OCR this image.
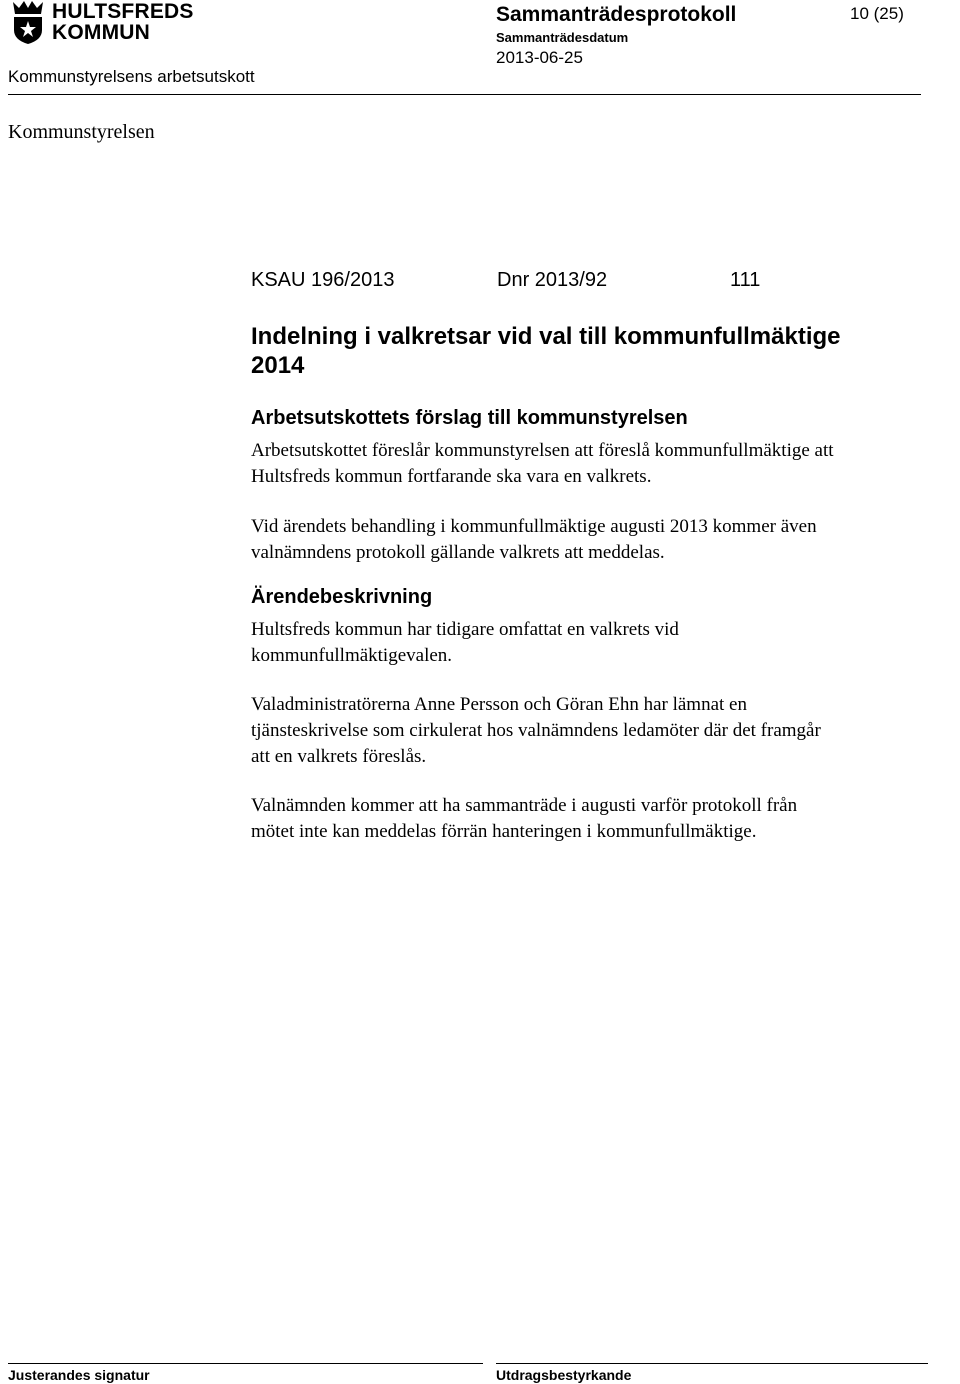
HULTSFREDS
KOMMUN
Sammanträdesprotokoll
Sammanträdesdatum
2013-06-25
10 (25)
Kommunstyrelsens arbetsutskott
Kommunstyrelsen
KSAU 196/2013	Dnr 2013/92	111
Indelning i valkretsar vid val till kommunfullmäktige
2014
Arbetsutskottets förslag till kommunstyrelsen
Arbetsutskottet föreslår kommunstyrelsen att föreslå kommunfullmäktige att
Hultsfreds kommun fortfarande ska vara en valkrets.
Vid ärendets behandling i kommunfullmäktige augusti 2013 kommer även
valnämndens protokoll gällande valkrets att meddelas.
Ärendebeskrivning
Hultsfreds kommun har tidigare omfattat en valkrets vid
kommunfullmäktigevalen.
Valadministratörerna Anne Persson och Göran Ehn har lämnat en
tjänsteskrivelse som cirkulerat hos valnämndens ledamöter där det framgår
att en valkrets föreslås.
Valnämnden kommer att ha sammanträde i augusti varför protokoll från
mötet inte kan meddelas förrän hanteringen i kommunfullmäktige.
Justerandes signatur	Utdragsbestyrkande
